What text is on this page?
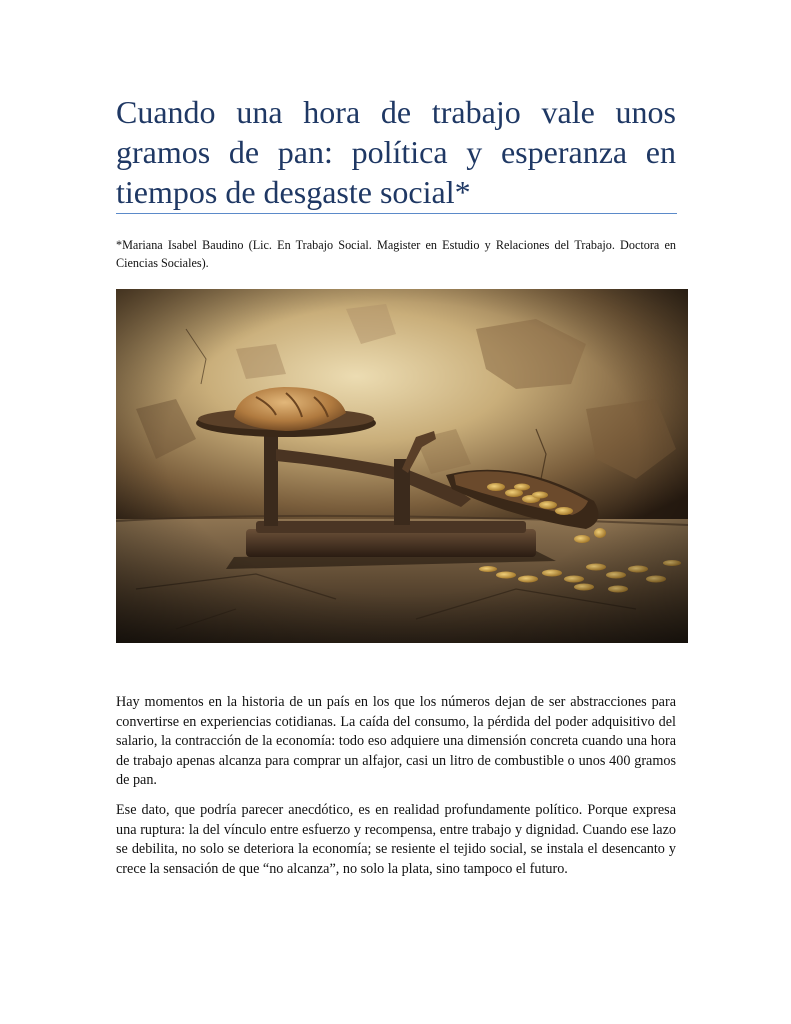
Cuando una hora de trabajo vale unos gramos de pan: política y esperanza en tiempos de desgaste social*

*Mariana Isabel Baudino (Lic. En Trabajo Social. Magister en Estudio y Relaciones del Trabajo. Doctora en Ciencias Sociales).

Hay momentos en la historia de un país en los que los números dejan de ser abstracciones para convertirse en experiencias cotidianas. La caída del consumo, la pérdida del poder adquisitivo del salario, la contracción de la economía: todo eso adquiere una dimensión concreta cuando una hora de trabajo apenas alcanza para comprar un alfajor, casi un litro de combustible o unos 400 gramos de pan.

Ese dato, que podría parecer anecdótico, es en realidad profundamente político. Porque expresa una ruptura: la del vínculo entre esfuerzo y recompensa, entre trabajo y dignidad. Cuando ese lazo se debilita, no solo se deteriora la economía; se resiente el tejido social, se instala el desencanto y crece la sensación de que “no alcanza”, no solo la plata, sino tampoco el futuro.
